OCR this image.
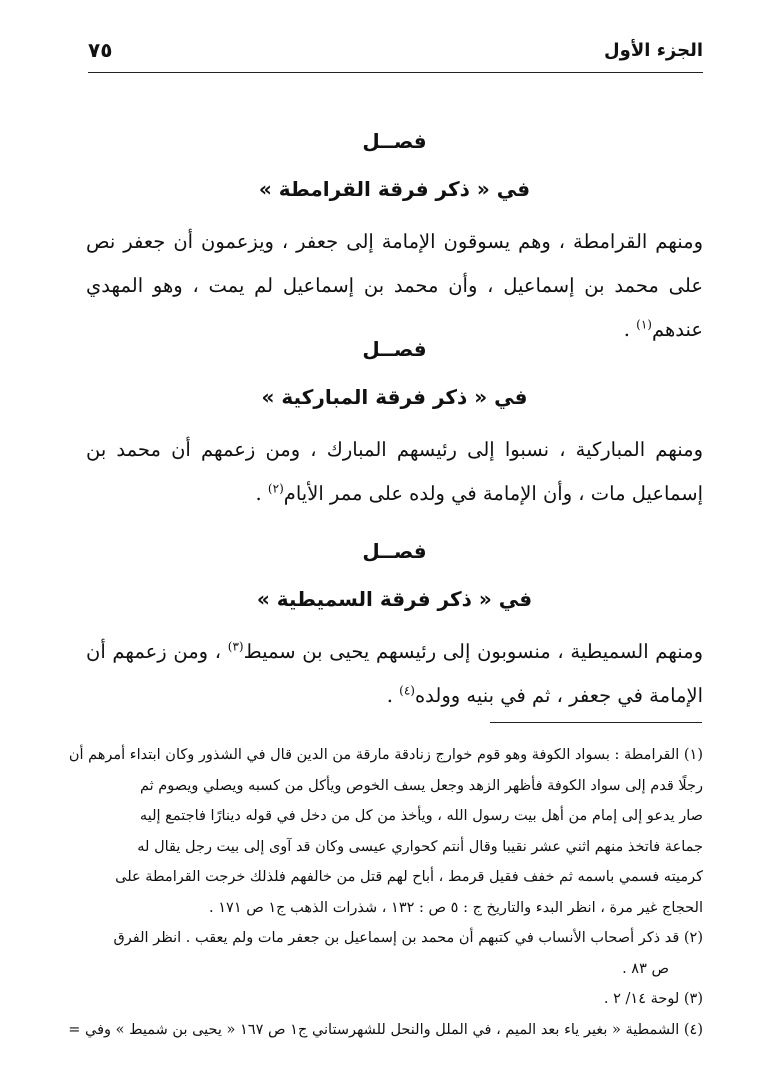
الجزء الأول
٧٥
فصــل
في « ذكر فرقة القرامطة »
ومنهم القرامطة ، وهم يسوقون الإمامة إلى جعفر ، ويزعمون أن جعفر نص على محمد بن إسماعيل ، وأن محمد بن إسماعيل لم يمت ، وهو المهدي عندهم$^{(١)}$ .
فصــل
في « ذكر فرقة المباركية »
ومنهم المباركية ، نسبوا إلى رئيسهم المبارك ، ومن زعمهم أن محمد بن إسماعيل مات ، وأن الإمامة في ولده على ممر الأيام$^{(٢)}$ .
فصــل
في « ذكر فرقة السميطية »
ومنهم السميطية ، منسوبون إلى رئيسهم يحيى بن سميط$^{(٣)}$ ، ومن زعمهم أن الإمامة في جعفر ، ثم في بنيه وولده$^{(٤)}$ .
(١) القرامطة : بسواد الكوفة وهو قوم خوارج زنادقة مارقة من الدين قال في الشذور وكان ابتداء أمرهم أن
رجلًا قدم إلى سواد الكوفة فأظهر الزهد وجعل يسف الخوص ويأكل من كسبه ويصلي ويصوم ثم
صار يدعو إلى إمام من أهل بيت رسول الله ، ويأخذ من كل من دخل في قوله دينارًا فاجتمع إليه
جماعة فاتخذ منهم اثني عشر نقيبا وقال أنتم كحواري عيسى وكان قد آوى إلى بيت رجل يقال له
كرميته فسمي باسمه ثم خفف فقيل قرمط ، أباح لهم قتل من خالفهم فلذلك خرجت القرامطة على
الحجاج غير مرة ، انظر البدء والتاريخ ج : ٥ ص : ١٣٢ ، شذرات الذهب ج١ ص ١٧١ .
(٢) قد ذكر أصحاب الأنساب في كتبهم أن محمد بن إسماعيل بن جعفر مات ولم يعقب . انظر الفرق
ص ٨٣ .
(٣) لوحة ١٤/ ٢ .
(٤) الشمطية « بغير ياء بعد الميم ، في الملل والنحل للشهرستاني ج١ ص ١٦٧ « يحيى بن شميط » وفي =
